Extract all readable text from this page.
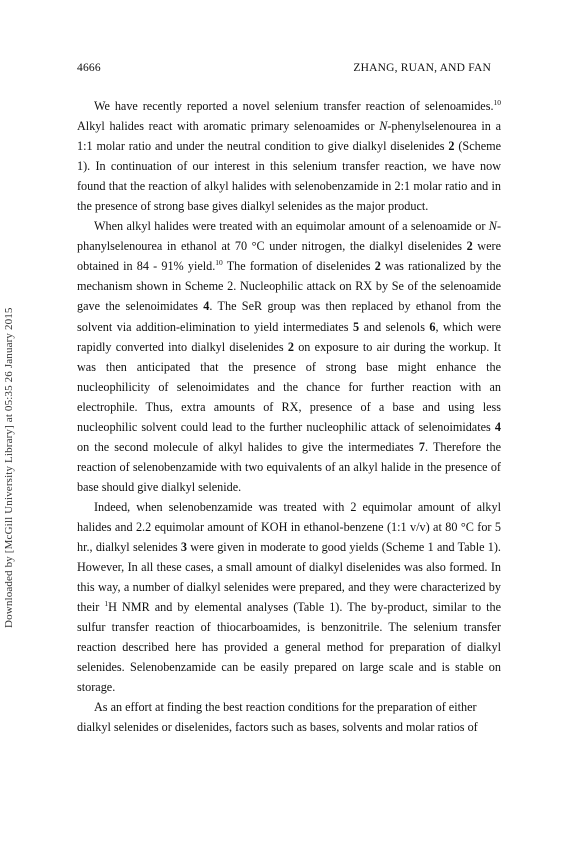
4666	ZHANG, RUAN, AND FAN
Downloaded by [McGill University Library] at 05:35 26 January 2015

We have recently reported a novel selenium transfer reaction of selenoamides.$^{10}$ Alkyl halides react with aromatic primary selenoamides or N-phenylselenourea in a 1:1 molar ratio and under the neutral condition to give dialkyl diselenides 2 (Scheme 1). In continuation of our interest in this selenium transfer reaction, we have now found that the reaction of alkyl halides with selenobenzamide in 2:1 molar ratio and in the presence of strong base gives dialkyl selenides as the major product.

When alkyl halides were treated with an equimolar amount of a selenoamide or N-phanylselenourea in ethanol at 70 °C under nitrogen, the dialkyl diselenides 2 were obtained in 84 - 91% yield.$^{10}$ The formation of diselenides 2 was rationalized by the mechanism shown in Scheme 2. Nucleophilic attack on RX by Se of the selenoamide gave the selenoimidates 4. The SeR group was then replaced by ethanol from the solvent via addition-elimination to yield intermediates 5 and selenols 6, which were rapidly converted into dialkyl diselenides 2 on exposure to air during the workup. It was then anticipated that the presence of strong base might enhance the nucleophilicity of selenoimidates and the chance for further reaction with an electrophile. Thus, extra amounts of RX, presence of a base and using less nucleophilic solvent could lead to the further nucleophilic attack of selenoimidates 4 on the second molecule of alkyl halides to give the intermediates 7. Therefore the reaction of selenobenzamide with two equivalents of an alkyl halide in the presence of base should give dialkyl selenide.

Indeed, when selenobenzamide was treated with 2 equimolar amount of alkyl halides and 2.2 equimolar amount of KOH in ethanol-benzene (1:1 v/v) at 80 °C for 5 hr., dialkyl selenides 3 were given in moderate to good yields (Scheme 1 and Table 1). However, In all these cases, a small amount of dialkyl diselenides was also formed. In this way, a number of dialkyl selenides were prepared, and they were characterized by their $^1$H NMR and by elemental analyses (Table 1). The by-product, similar to the sulfur transfer reaction of thiocarboamides, is benzonitrile. The selenium transfer reaction described here has provided a general method for preparation of dialkyl selenides. Selenobenzamide can be easily prepared on large scale and is stable on storage.

As an effort at finding the best reaction conditions for the preparation of either dialkyl selenides or diselenides, factors such as bases, solvents and molar ratios of
